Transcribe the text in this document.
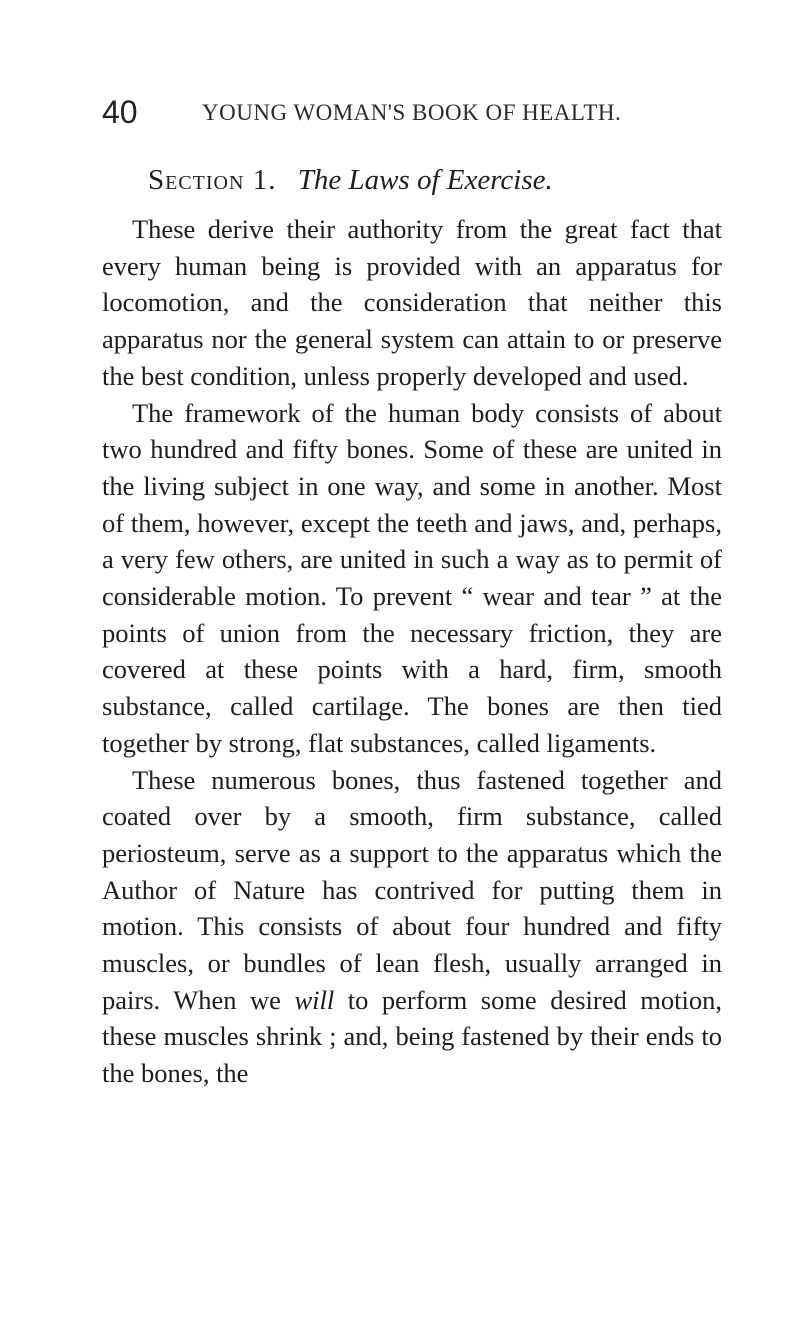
40	YOUNG WOMAN'S BOOK OF HEALTH.
Section 1. The Laws of Exercise.

These derive their authority from the great fact that every human being is provided with an apparatus for locomotion, and the consideration that neither this apparatus nor the general system can attain to or preserve the best condition, unless properly developed and used.

The framework of the human body consists of about two hundred and fifty bones. Some of these are united in the living subject in one way, and some in another. Most of them, however, except the teeth and jaws, and, perhaps, a very few others, are united in such a way as to permit of considerable motion. To prevent “ wear and tear ” at the points of union from the necessary friction, they are covered at these points with a hard, firm, smooth substance, called cartilage. The bones are then tied together by strong, flat substances, called ligaments.

These numerous bones, thus fastened together and coated over by a smooth, firm substance, called periosteum, serve as a support to the apparatus which the Author of Nature has contrived for putting them in motion. This consists of about four hundred and fifty muscles, or bundles of lean flesh, usually arranged in pairs. When we will to perform some desired motion, these muscles shrink ; and, being fastened by their ends to the bones, the
